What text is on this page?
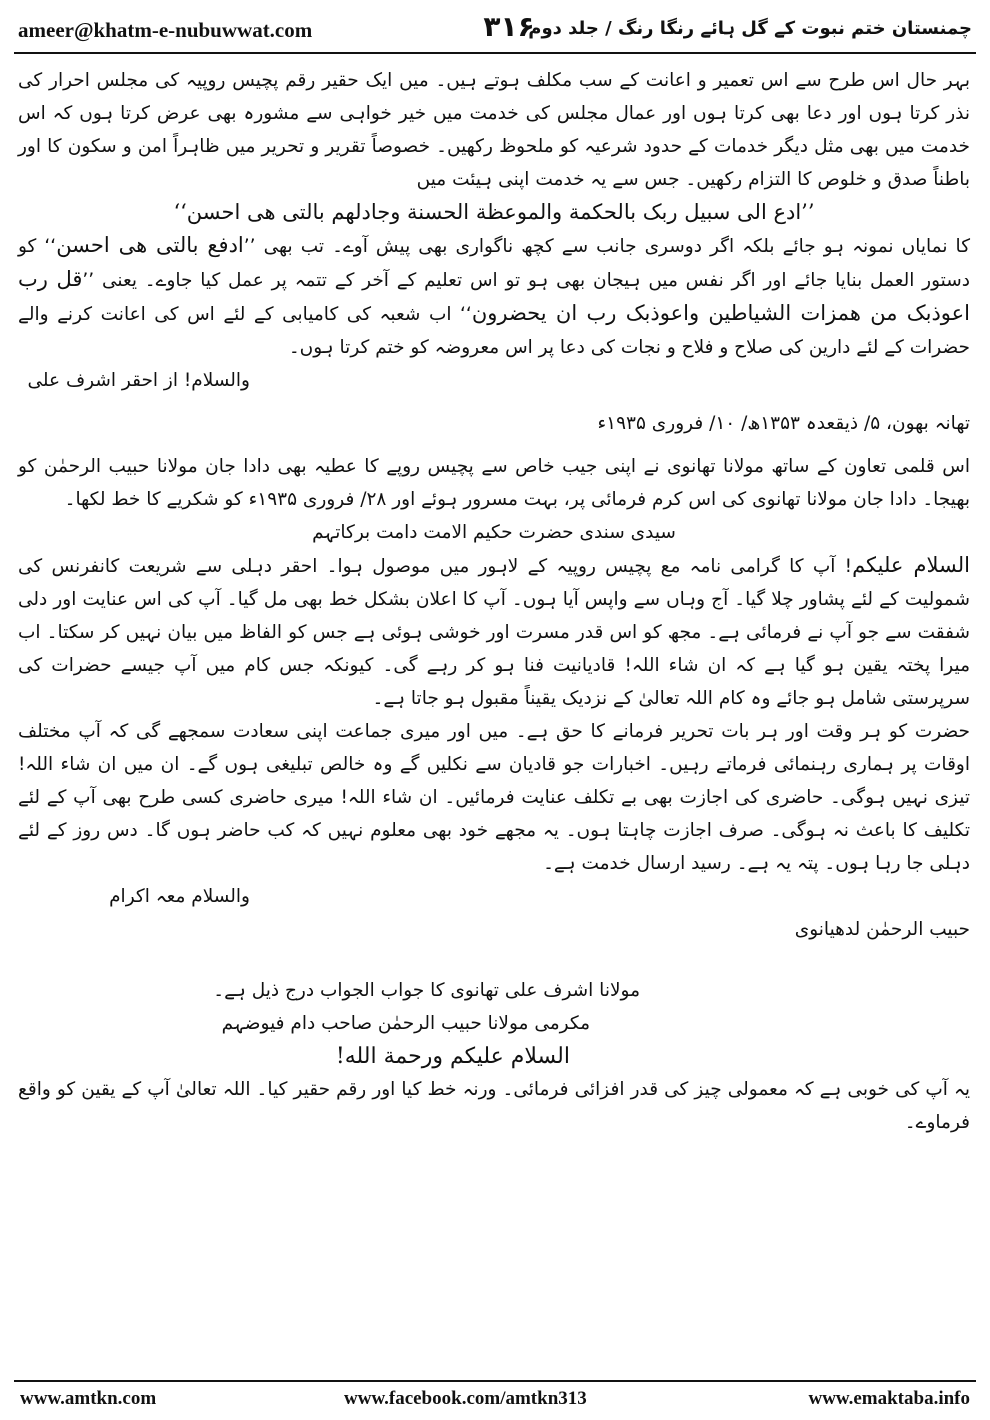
ameer@khatm-e-nubuwwat.com	۳۱۶
چمنستان ختم نبوت کے گل ہائے رنگا رنگ / جلد دوم

بہر حال اس طرح سے اس تعمیر و اعانت کے سب مکلف ہوتے ہیں۔ میں ایک حقیر رقم پچیس روپیہ کی مجلس احرار کی نذر کرتا ہوں اور دعا بھی کرتا ہوں اور عمال مجلس کی خدمت میں خیر خواہی سے مشورہ بھی عرض کرتا ہوں کہ اس خدمت میں بھی مثل دیگر خدمات کے حدود شرعیہ کو ملحوظ رکھیں۔ خصوصاً تقریر و تحریر میں ظاہراً امن و سکون کا اور باطناً صدق و خلوص کا التزام رکھیں۔ جس سے یہ خدمت اپنی ہیئت میں

’’ادع الی سبیل ربک بالحکمة والموعظة الحسنة وجادلهم بالتی هی احسن‘‘

کا نمایاں نمونہ ہو جائے بلکہ اگر دوسری جانب سے کچھ ناگواری بھی پیش آوے۔ تب بھی ’’ادفع بالتی هی احسن‘‘ کو دستور العمل بنایا جائے اور اگر نفس میں ہیجان بھی ہو تو اس تعلیم کے آخر کے تتمہ پر عمل کیا جاوے۔ یعنی ’’قل رب اعوذبک من همزات الشیاطین واعوذبک رب ان یحضرون‘‘ اب شعبہ کی کامیابی کے لئے اس کی اعانت کرنے والے حضرات کے لئے دارین کی صلاح و فلاح و نجات کی دعا پر اس معروضہ کو ختم کرتا ہوں۔

والسلام! از احقر اشرف علی

تھانہ بھون، ۵/ ذیقعدہ ۱۳۵۳ھ/ ۱۰/ فروری ۱۹۳۵ء

اس قلمی تعاون کے ساتھ مولانا تھانوی نے اپنی جیب خاص سے پچیس روپے کا عطیہ بھی دادا جان مولانا حبیب الرحمٰن کو بھیجا۔ دادا جان مولانا تھانوی کی اس کرم فرمائی پر، بہت مسرور ہوئے اور ۲۸/ فروری ۱۹۳۵ء کو شکریے کا خط لکھا۔

سیدی سندی حضرت حکیم الامت دامت برکاتہم

السلام علیکم! آپ کا گرامی نامہ مع پچیس روپیہ کے لاہور میں موصول ہوا۔ احقر دہلی سے شریعت کانفرنس کی شمولیت کے لئے پشاور چلا گیا۔ آج وہاں سے واپس آیا ہوں۔ آپ کا اعلان بشکل خط بھی مل گیا۔ آپ کی اس عنایت اور دلی شفقت سے جو آپ نے فرمائی ہے۔ مجھ کو اس قدر مسرت اور خوشی ہوئی ہے جس کو الفاظ میں بیان نہیں کر سکتا۔ اب میرا پختہ یقین ہو گیا ہے کہ ان شاء اللہ! قادیانیت فنا ہو کر رہے گی۔ کیونکہ جس کام میں آپ جیسے حضرات کی سرپرستی شامل ہو جائے وہ کام اللہ تعالیٰ کے نزدیک یقیناً مقبول ہو جاتا ہے۔

حضرت کو ہر وقت اور ہر بات تحریر فرمانے کا حق ہے۔ میں اور میری جماعت اپنی سعادت سمجھے گی کہ آپ مختلف اوقات پر ہماری رہنمائی فرماتے رہیں۔ اخبارات جو قادیان سے نکلیں گے وہ خالص تبلیغی ہوں گے۔ ان میں ان شاء اللہ! تیزی نہیں ہوگی۔ حاضری کی اجازت بھی بے تکلف عنایت فرمائیں۔ ان شاء اللہ! میری حاضری کسی طرح بھی آپ کے لئے تکلیف کا باعث نہ ہوگی۔ صرف اجازت چاہتا ہوں۔ یہ مجھے خود بھی معلوم نہیں کہ کب حاضر ہوں گا۔ دس روز کے لئے دہلی جا رہا ہوں۔ پتہ یہ ہے۔ رسید ارسال خدمت ہے۔

والسلام معہ اکرام

حبیب الرحمٰن لدھیانوی

مولانا اشرف علی تھانوی کا جواب الجواب درج ذیل ہے۔

مکرمی مولانا حبیب الرحمٰن صاحب دام فیوضہم

السلام علیکم ورحمة الله!

یہ آپ کی خوبی ہے کہ معمولی چیز کی قدر افزائی فرمائی۔ ورنہ خط کیا اور رقم حقیر کیا۔ اللہ تعالیٰ آپ کے یقین کو واقع فرماوے۔

www.amtkn.com	www.facebook.com/amtkn313	www.emaktaba.info
